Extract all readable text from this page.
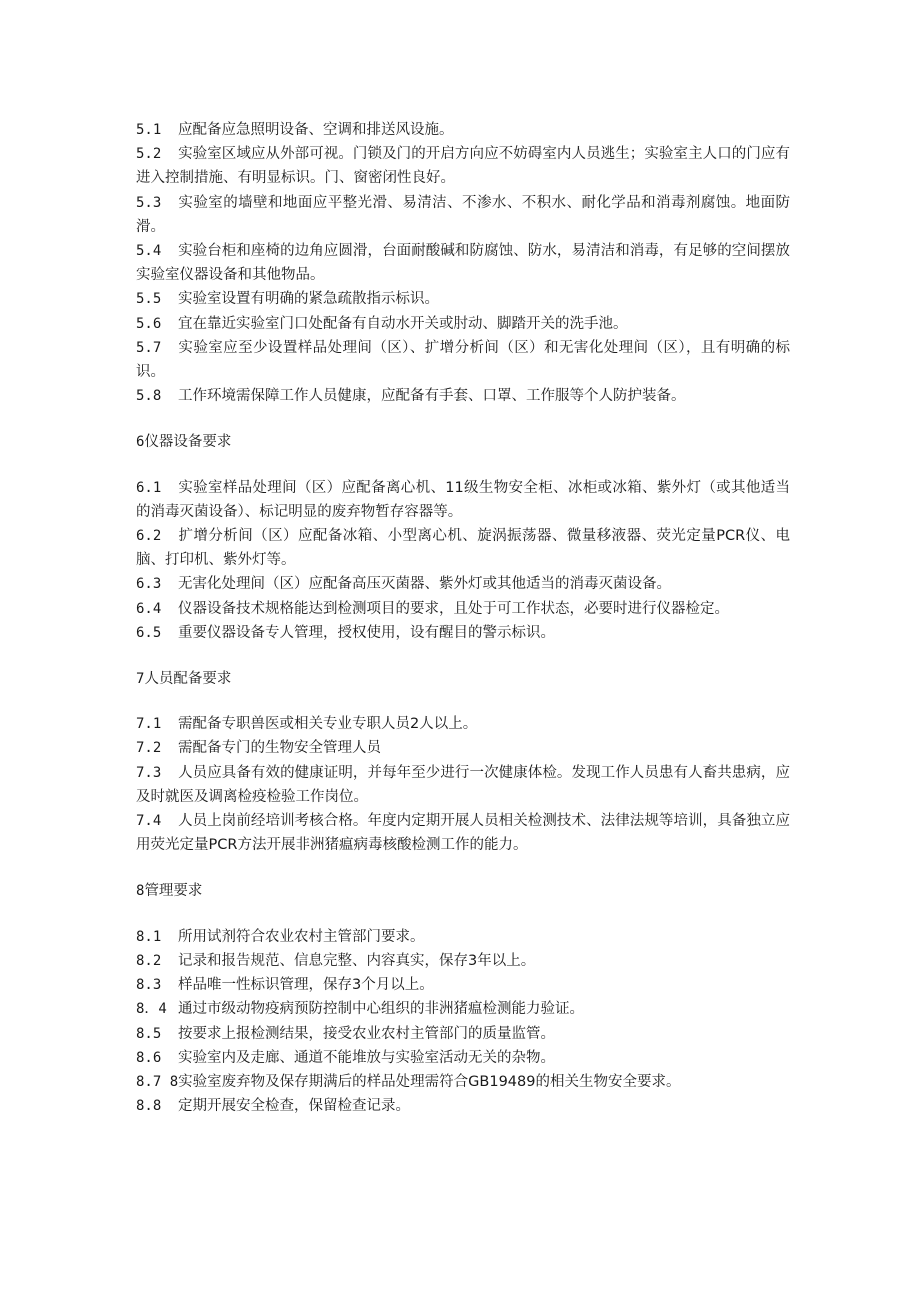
5.1 应配备应急照明设备、空调和排送风设施。

5.2 实验室区域应从外部可视。门锁及门的开启方向应不妨碍室内人员逃生；实验室主人口的门应有进入控制措施、有明显标识。门、窗密闭性良好。

5.3 实验室的墙壁和地面应平整光滑、易清洁、不渗水、不积水、耐化学品和消毒剂腐蚀。地面防滑。

5.4 实验台柜和座椅的边角应圆滑，台面耐酸碱和防腐蚀、防水，易清洁和消毒，有足够的空间摆放实验室仪器设备和其他物品。

5.5 实验室设置有明确的紧急疏散指示标识。

5.6 宜在靠近实验室门口处配备有自动水开关或肘动、脚踏开关的洗手池。

5.7 实验室应至少设置样品处理间（区）、扩增分析间（区）和无害化处理间（区），且有明确的标识。

5.8 工作环境需保障工作人员健康，应配备有手套、口罩、工作服等个人防护装备。

6仪器设备要求

6.1 实验室样品处理间（区）应配备离心机、11级生物安全柜、冰柜或冰箱、紫外灯（或其他适当的消毒灭菌设备）、标记明显的废弃物暂存容器等。

6.2 扩增分析间（区）应配备冰箱、小型离心机、旋涡振荡器、微量移液器、荧光定量PCR仪、电脑、打印机、紫外灯等。

6.3 无害化处理间（区）应配备高压灭菌器、紫外灯或其他适当的消毒灭菌设备。

6.4 仪器设备技术规格能达到检测项目的要求，且处于可工作状态，必要时进行仪器检定。

6.5 重要仪器设备专人管理，授权使用，设有醒目的警示标识。

7人员配备要求

7.1 需配备专职兽医或相关专业专职人员2人以上。

7.2 需配备专门的生物安全管理人员

7.3 人员应具备有效的健康证明，并每年至少进行一次健康体检。发现工作人员患有人畜共患病，应及时就医及调离检疫检验工作岗位。

7.4 人员上岗前经培训考核合格。年度内定期开展人员相关检测技术、法律法规等培训，具备独立应用荧光定量PCR方法开展非洲猪瘟病毒核酸检测工作的能力。

8管理要求

8.1 所用试剂符合农业农村主管部门要求。

8.2 记录和报告规范、信息完整、内容真实，保存3年以上。

8.3 样品唯一性标识管理，保存3个月以上。

8．4 通过市级动物疫病预防控制中心组织的非洲猪瘟检测能力验证。

8.5 按要求上报检测结果，接受农业农村主管部门的质量监管。

8.6 实验室内及走廊、通道不能堆放与实验室活动无关的杂物。

8.7 8实验室废弃物及保存期满后的样品处理需符合GB19489的相关生物安全要求。

8.8 定期开展安全检查，保留检查记录。
